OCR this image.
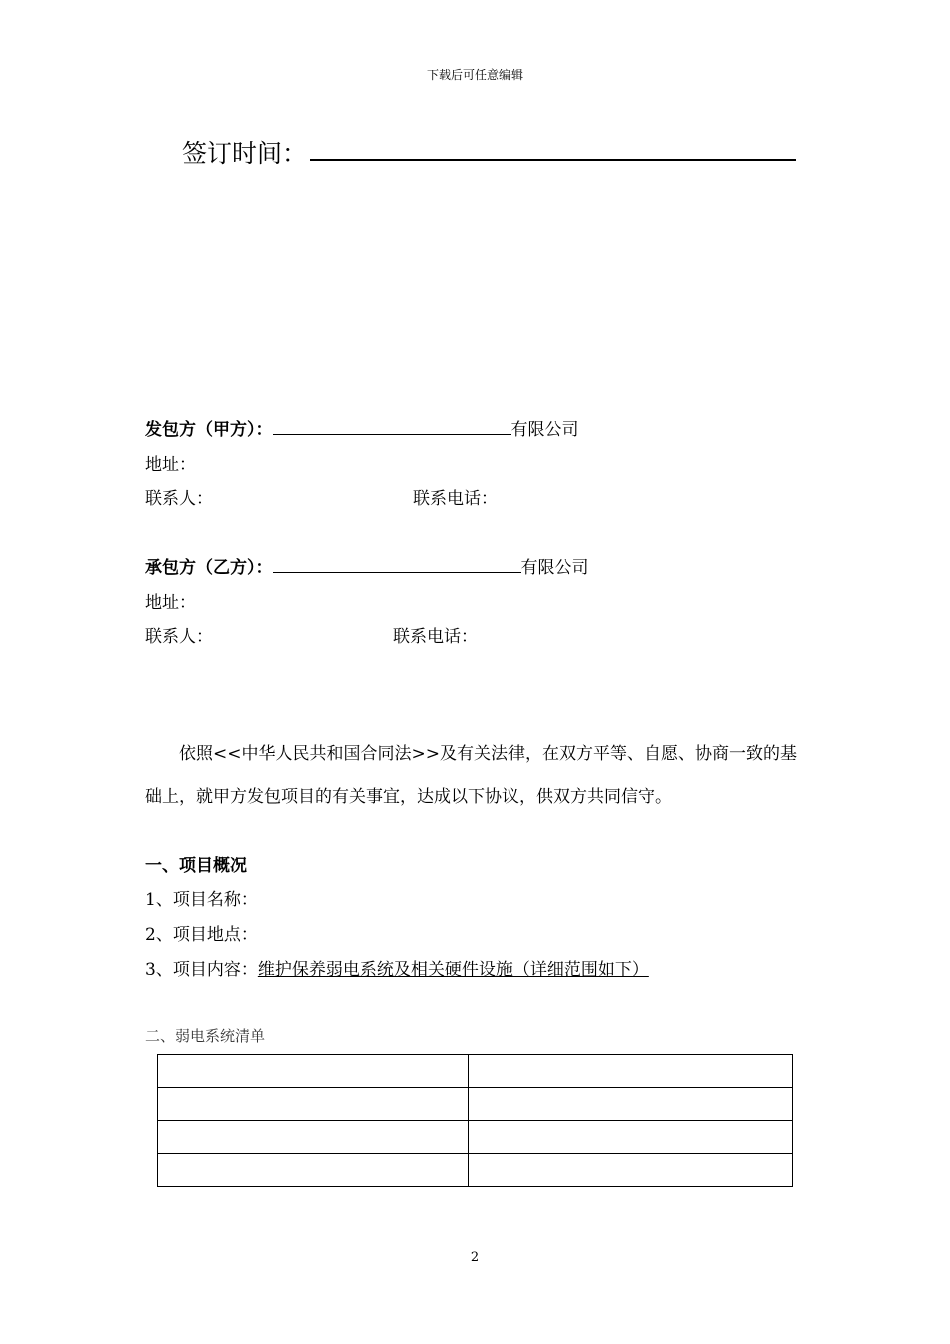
下载后可任意编辑
签订时间：
发包方（甲方）：	有限公司
地址：
联系人：	联系电话：
承包方（乙方）：	有限公司
地址：
联系人：	联系电话：
依照<<中华人民共和国合同法>>及有关法律，在双方平等、自愿、协商一致的基础上，就甲方发包项目的有关事宜，达成以下协议，供双方共同信守。
一、项目概况
1、项目名称：
2、项目地点：
3、项目内容：维护保养弱电系统及相关硬件设施（详细范围如下）
二、弱电系统清单

2
